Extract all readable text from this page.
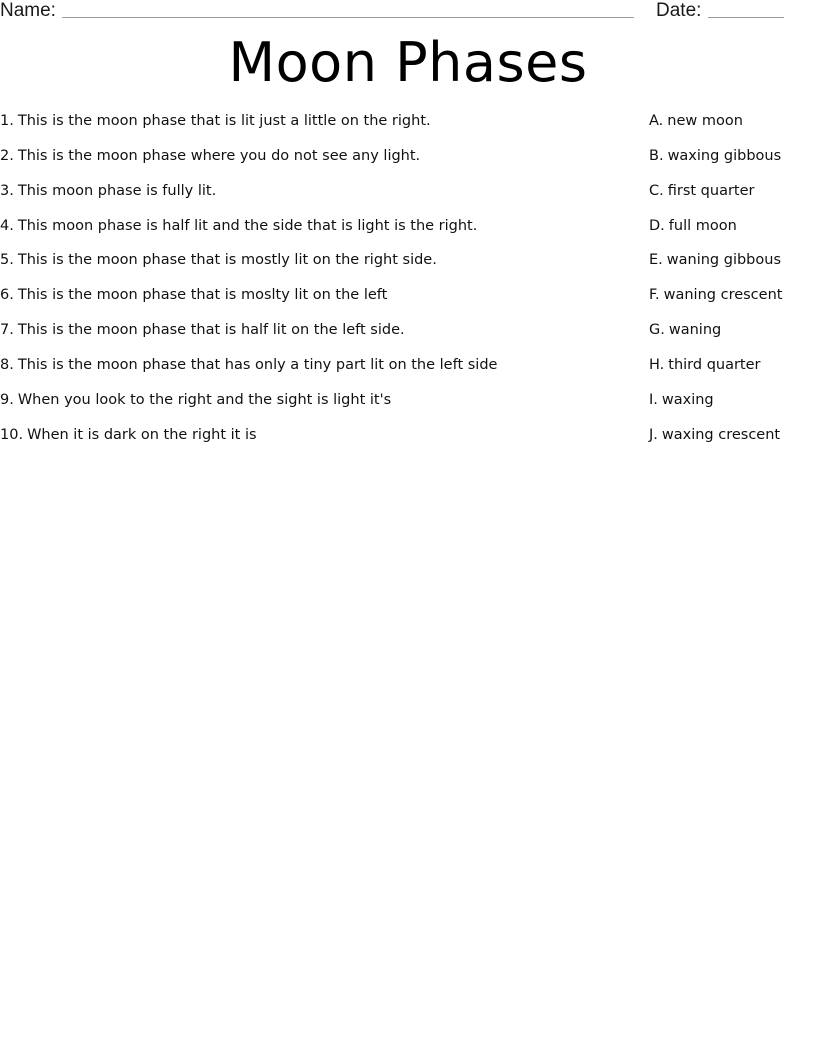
Name:	Date:
Moon Phases
1. This is the moon phase that is lit just a little on the right.
2. This is the moon phase where you do not see any light.
3. This moon phase is fully lit.
4. This moon phase is half lit and the side that is light is the right.
5. This is the moon phase that is mostly lit on the right side.
6. This is the moon phase that is moslty lit on the left
7. This is the moon phase that is half lit on the left side.
8. This is the moon phase that has only a tiny part lit on the left side
9. When you look to the right and the sight is light it's
10. When it is dark on the right it is
A. new moon
B. waxing gibbous
C. first quarter
D. full moon
E. waning gibbous
F. waning crescent
G. waning
H. third quarter
I. waxing
J. waxing crescent
